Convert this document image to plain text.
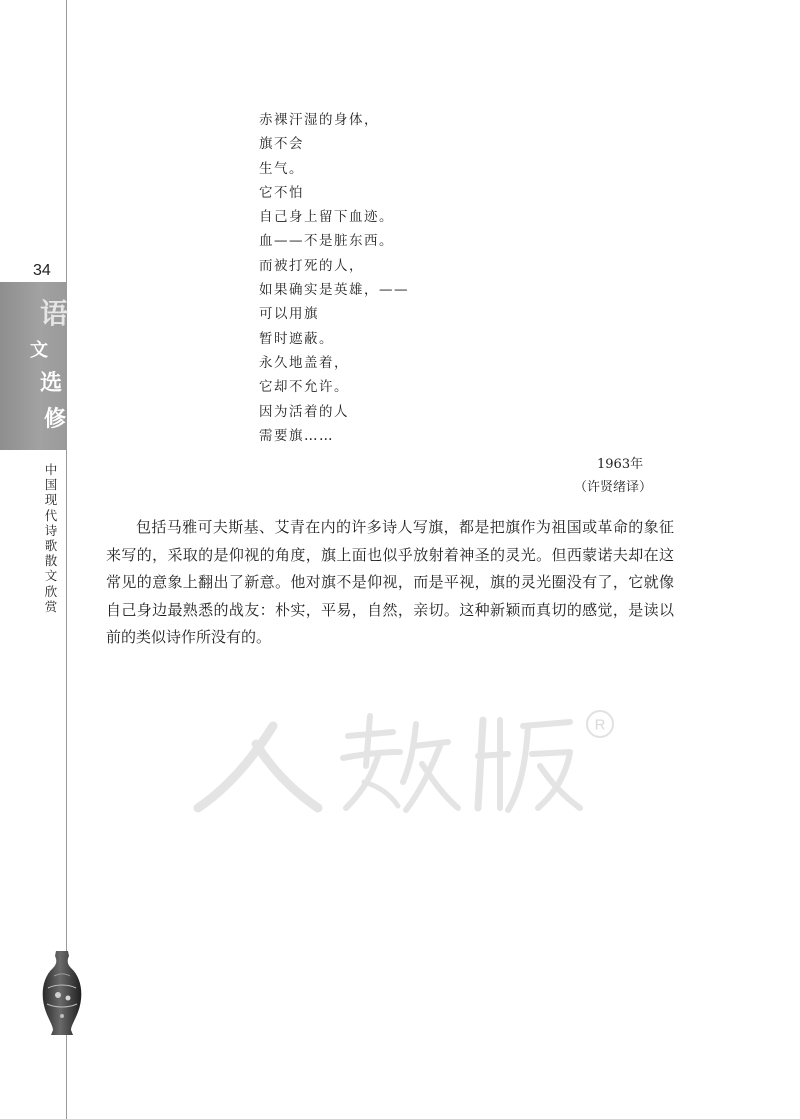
34
语
文
选
修
中国现代诗歌散文欣赏
赤裸汗湿的身体，
旗不会
生气。
它不怕
自己身上留下血迹。
血——不是脏东西。
而被打死的人，
如果确实是英雄，——
可以用旗
暂时遮蔽。
永久地盖着，
它却不允许。
因为活着的人
需要旗……
1963年
（许贤绪译）

包括马雅可夫斯基、艾青在内的许多诗人写旗，都是把旗作为祖国或革命的象征来写的，采取的是仰视的角度，旗上面也似乎放射着神圣的灵光。但西蒙诺夫却在这常见的意象上翻出了新意。他对旗不是仰视，而是平视，旗的灵光圈没有了，它就像自己身边最熟悉的战友：朴实，平易，自然，亲切。这种新颖而真切的感觉，是读以前的类似诗作所没有的。

R
